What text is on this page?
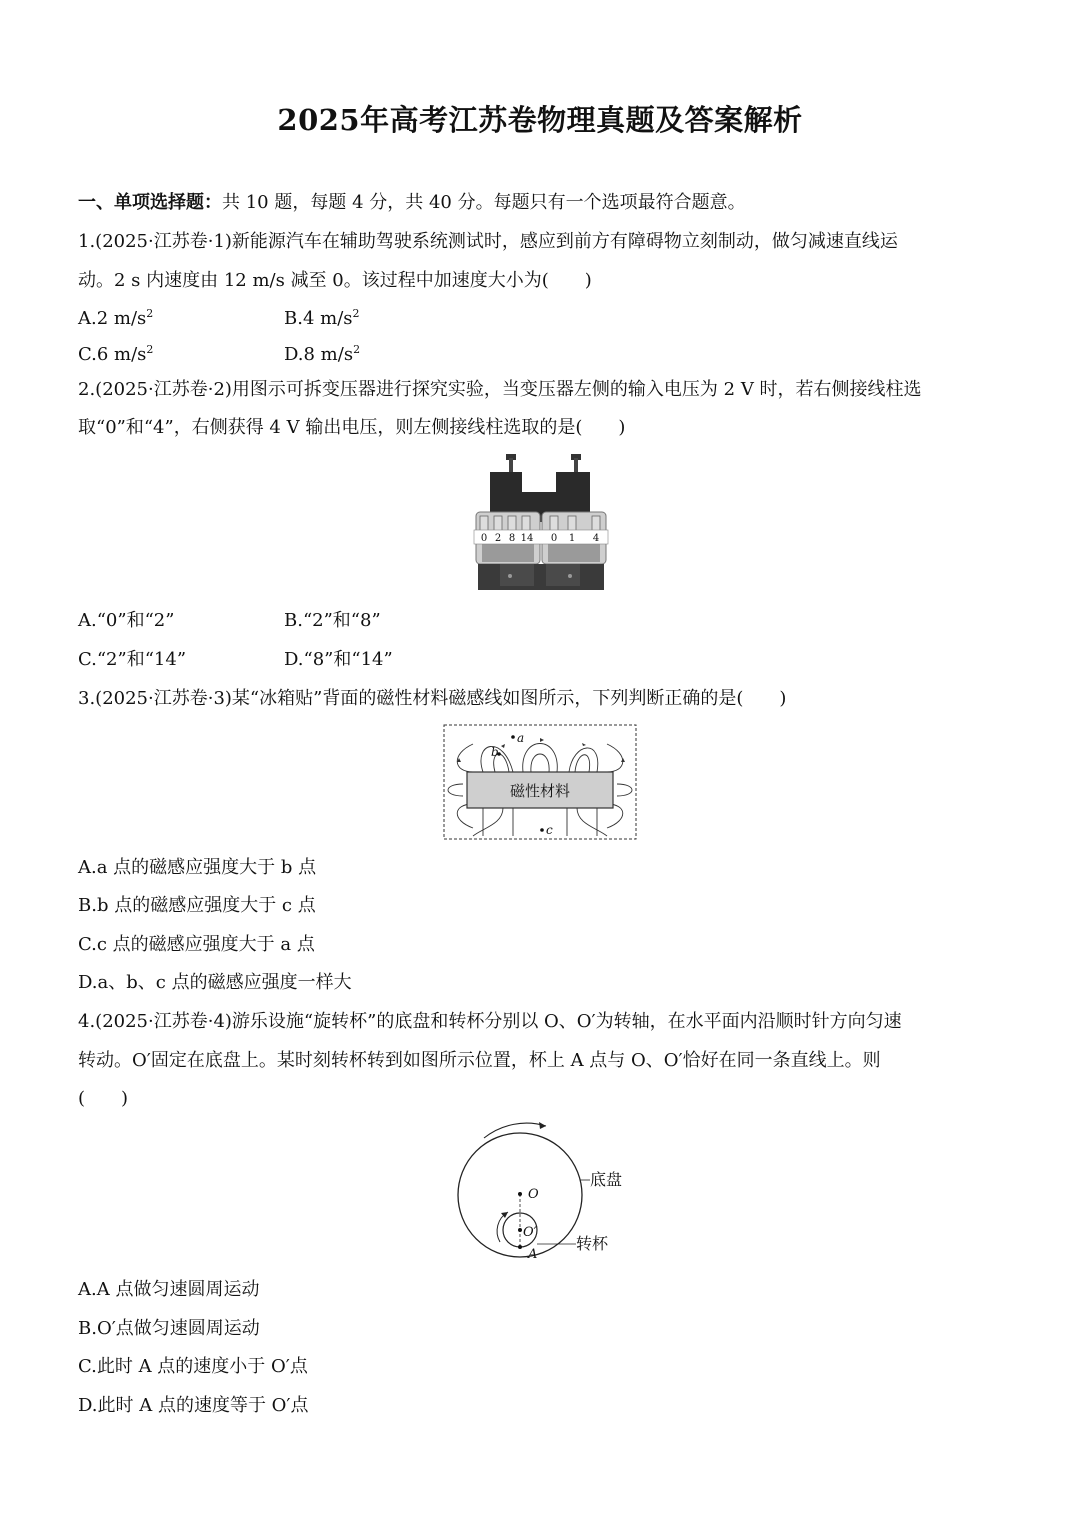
2025年高考江苏卷物理真题及答案解析
一、单项选择题：共 10 题，每题 4 分，共 40 分。每题只有一个选项最符合题意。
1.(2025·江苏卷·1)新能源汽车在辅助驾驶系统测试时，感应到前方有障碍物立刻制动，做匀减速直线运
动。2 s 内速度由 12 m/s 减至 0。该过程中加速度大小为(　　)
A.2 $m/s^2$	B.4 $m/s^2$
C.6 $m/s^2$	D.8 $m/s^2$
2.(2025·江苏卷·2)用图示可拆变压器进行探究实验，当变压器左侧的输入电压为 2 V 时，若右侧接线柱选
取“0”和“4”，右侧获得 4 V 输出电压，则左侧接线柱选取的是(　　)
0 2 8 14 0 1 4
A.“0”和“2”	B.“2”和“8”
C.“2”和“14”	D.“8”和“14”
3.(2025·江苏卷·3)某“冰箱贴”背面的磁性材料磁感线如图所示，下列判断正确的是(　　)
磁性材料
a
b
c
A.a 点的磁感应强度大于 b 点
B.b 点的磁感应强度大于 c 点
C.c 点的磁感应强度大于 a 点
D.a、b、c 点的磁感应强度一样大
4.(2025·江苏卷·4)游乐设施“旋转杯”的底盘和转杯分别以 O、O′为转轴，在水平面内沿顺时针方向匀速
转动。O′固定在底盘上。某时刻转杯转到如图所示位置，杯上 A 点与 O、O′恰好在同一条直线上。则
(　　)
O
O′
A
底盘
转杯
A.A 点做匀速圆周运动
B.O′点做匀速圆周运动
C.此时 A 点的速度小于 O′点
D.此时 A 点的速度等于 O′点
